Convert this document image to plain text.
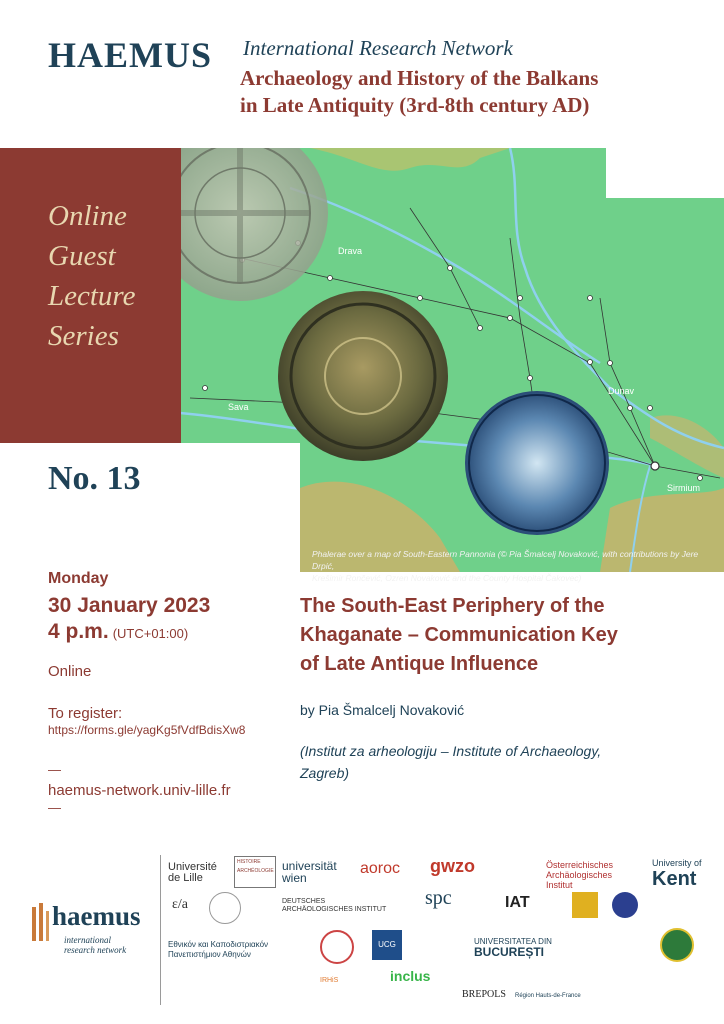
HAEMUS International Research Network
Archaeology and History of the Balkans
in Late Antiquity (3rd-8th century AD)
Drava
Dunav
Sava
Sirmium
Phalerae over a map of South-Eastern Pannonia (© Pia Šmalcelj Novaković, with contributions by Jere Drpić,
Krešimir Rončević, Ozren Novaković and the County Hospital Čakovec)
Online
Guest
Lecture
Series
No. 13
Monday
30 January 2023
4 p.m. (UTC+01:00)
Online
To register:
https://forms.gle/yagKg5fVdfBdisXw8
—
haemus-network.univ-lille.fr
—
The South-East Periphery of the
Khaganate – Communication Key
of Late Antique Influence
by Pia Šmalcelj Novaković
(Institut za arheologiju – Institute of Archaeology,
Zagreb)
haemus
international
research network
Université
de Lille
HISTOIRE ARCHÉOLOGIE universität
wien
aoroc gwzo	Österreichisches
Archäologisches
Institut
University of
Kent
ε/a	DEUTSCHES
ARCHÄOLOGISCHES INSTITUT
spc	IAT
Εθνικόν και Καποδιστριακόν
Πανεπιστήμιον Αθηνών
UCG	UNIVERSITATEA DIN
BUCUREȘTI
IRHiS	inclus
BREPOLS Région Hauts-de-France
